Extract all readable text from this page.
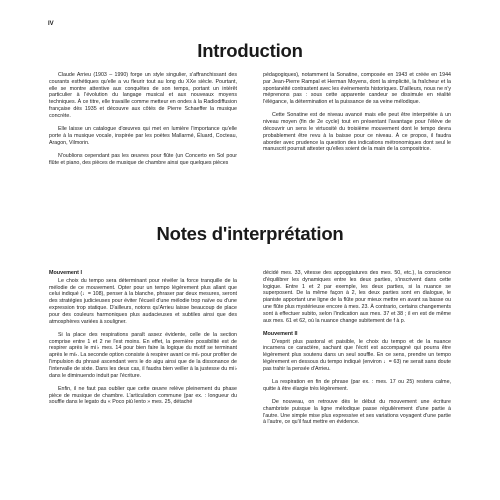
IV
Introduction

Claude Arrieu (1903 – 1990) forge un style singulier, s'affranchissant des courants esthétiques qu'elle a vu fleurir tout au long du XXe siècle. Pourtant, elle se montre attentive aux conquêtes de son temps, portant un intérêt particulier à l'évolution du langage musical et aux nouveaux moyens techniques. À ce titre, elle travaille comme metteur en ondes à la Radiodiffusion française dès 1935 et découvre aux côtés de Pierre Schaeffer la musique concrète.

Elle laisse un catalogue d'œuvres qui met en lumière l'importance qu'elle porte à la musique vocale, inspirée par les poètes Mallarmé, Éluard, Cocteau, Aragon, Vilmorin.

N'oublions cependant pas les œuvres pour flûte (un Concerto en Sol pour flûte et piano, des pièces de musique de chambre ainsi que quelques pièces

pédagogiques), notamment la Sonatine, composée en 1943 et créée en 1944 par Jean-Pierre Rampal et Herman Moyens, dont la simplicité, la fraîcheur et la spontanéité contrastent avec les événements historiques. D'ailleurs, nous ne n'y méprenons pas : sous cette apparente candeur se dissimule en réalité l'élégance, la détermination et la puissance de sa veine mélodique.

Cette Sonatine est de niveau avancé mais elle peut être interprétée à un niveau moyen (fin de 2e cycle) tout en présentant l'avantage pour l'élève de découvrir un sens le virtuosité du troisième mouvement dont le tempo devra probablement être revu à la baisse pour ce niveau. À ce propos, il faudra aborder avec prudence la question des indications métronomiques dont seul le manuscrit pourrait attester qu'elles soient de la main de la compositrice.

Notes d'interprétation

Mouvement I

Le choix du tempo sera déterminant pour révéler la force tranquille de la mélodie de ce mouvement. Opter pour un tempo légèrement plus allant que celui indiqué (♩= 108), penser à la blanche, phraser par deux mesures, seront des stratégies judicieuses pour éviter l'écueil d'une mélodie trop naïve ou d'une expression trop statique. D'ailleurs, notons qu'Arrieu laisse beaucoup de place pour des couleurs harmoniques plus audacieuses et subtiles ainsi que des atmosphères variées à souligner.

Si la place des respirations paraît assez évidente, celle de la section comprise entre 1 et 2 ne l'est moins. En effet, la première possibilité est de respirer après le mi♭ mes. 14 pour bien faire la logique du motif se terminant après le mi♭. La seconde option consiste à respirer avant ce mi♭ pour profiter de l'impulsion du phrasé ascendant vers le do aigu ainsi que de la dissonance de l'intervalle de sixte. Dans les deux cas, il faudra bien veiller à la justesse du mi♭ dans le diminuendo induit par l'écriture.

Enfin, il ne faut pas oublier que cette œuvre relève pleinement du phase pièce de musique de chambre. L'articulation commune (par ex. : longueur du souffle dans le legato du « Poco più lento » mes. 25, détaché

décidé mes. 33, vitesse des appoggiatures des mes. 50, etc.), la conscience d'équilibrer les dynamiques entre les deux parties, s'inscrivent dans cette logique. Entre 1 et 2 par exemple, les deux parties, si la nuance se superposent. De la même façon à 2, les deux parties sont en dialogue, le pianiste apportant une ligne de la flûte pour mieux mettre en avant sa basse ou une flûte plus mystérieuse encore à mes. 23. À contrario, certains changements sont à effectuer subito, selon l'indication aux mes. 37 et 38 ; il en est de même aux mes. 61 et 62, où la nuance change subitement de f à p.

Mouvement II

D'esprit plus pastoral et paisible, le choix du tempo et de la nuance incarnera ce caractère, sachant que l'écrit est accompagné qui pourra être légèrement plus soutenu dans un seul souffle. En ce sens, prendre un tempo légèrement en dessous du tempo indiqué (environ ♩= 63) ne serait sans doute pas trahir la pensée d'Arrieu.

La respiration en fin de phrase (par ex. : mes. 17 ou 25) restera calme, quitte à être élargie très légèrement.

De nouveau, on retrouve dès le début du mouvement une écriture chambriste puisque la ligne mélodique passe régulièrement d'une partie à l'autre. Une simple mise plus expressive et ses variations voyagent d'une partie à l'autre, ce qu'il faut mettre en évidence.
